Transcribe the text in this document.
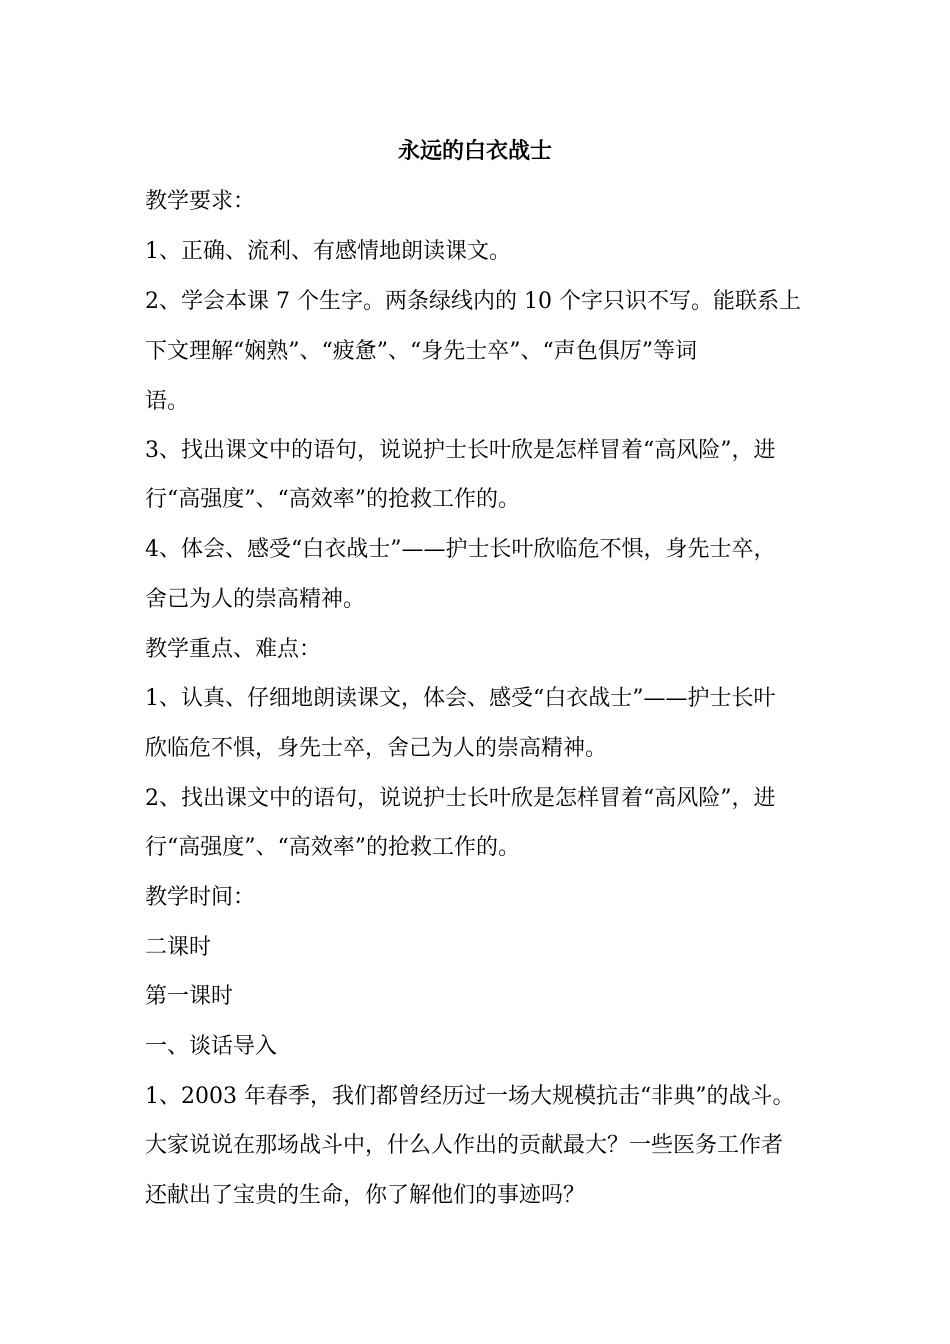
永远的白衣战士
教学要求：
1、正确、流利、有感情地朗读课文。
2、学会本课 7 个生字。两条绿线内的 10 个字只识不写。能联系上
下文理解“娴熟”、“疲惫”、“身先士卒”、“声色俱厉”等词
语。
3、找出课文中的语句，说说护士长叶欣是怎样冒着“高风险”，进
行“高强度”、“高效率”的抢救工作的。
4、体会、感受“白衣战士”——护士长叶欣临危不惧，身先士卒，
舍己为人的崇高精神。
教学重点、难点：
1、认真、仔细地朗读课文，体会、感受“白衣战士”——护士长叶
欣临危不惧，身先士卒，舍己为人的崇高精神。
2、找出课文中的语句，说说护士长叶欣是怎样冒着“高风险”，进
行“高强度”、“高效率”的抢救工作的。
教学时间：
二课时
第一课时
一、谈话导入
1、2003 年春季，我们都曾经历过一场大规模抗击“非典”的战斗。
大家说说在那场战斗中，什么人作出的贡献最大？一些医务工作者
还献出了宝贵的生命，你了解他们的事迹吗？
